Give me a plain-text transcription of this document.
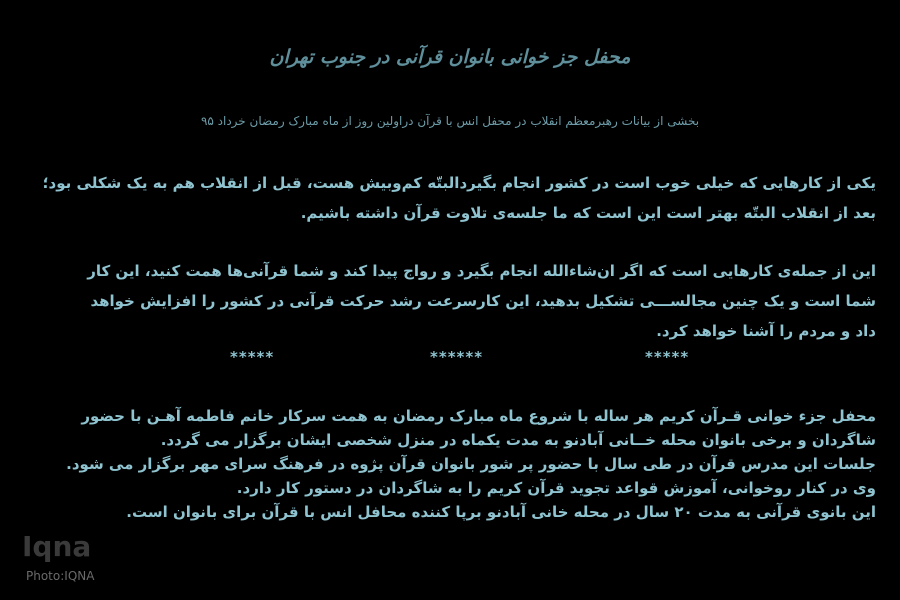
محفل جز خوانی بانوان قرآنی در جنوب تهران
بخشی از بیانات رهبرمعظم انقلاب در محفل انس با قرآن دراولین روز از ماه مبارک رمضان خرداد ۹۵
یکی از کارهایی که خیلی خوب است در کشور انجام بگیردالبتّه کم‌وبیش هست، قبل از انقلاب هم به یک شکلی بود؛
بعد از انقلاب البتّه بهتر است این است که ما جلسه‌ی تلاوت قرآن داشته باشیم.
این از جمله‌ی کارهایی است که اگر ان‌شاءالله انجام بگیرد و رواج پیدا کند و شما قرآنی‌ها همت کنید، این کار
شما است و یک چنین مجالســـی تشکیل بدهید، این کارسرعت رشد حرکت قرآنی در کشور را افزایش خواهد
داد و مردم را آشنا خواهد کرد.
*****	******	*****
محفل جزء خوانی قـرآن کریم هر ساله با شروع ماه مبارک رمضان به همت سرکار خانم فاطمه آهـن با حضور
شاگردان و برخی بانوان محله خــانی آبادنو به مدت یکماه در منزل شخصی ایشان برگزار می گردد.
جلسات این مدرس قرآن در طی سال با حضور پر شور بانوان قرآن پژوه در فرهنگ سرای مهر برگزار می شود.
وی در کنار روخوانی، آموزش قواعد تجوید قرآن کریم را به شاگردان در دستور کار دارد.
این بانوی قرآنی به مدت ۲۰ سال در محله خانی آبادنو برپا کننده محافل انس با قرآن برای بانوان است.
Iqna
Photo:IQNA
